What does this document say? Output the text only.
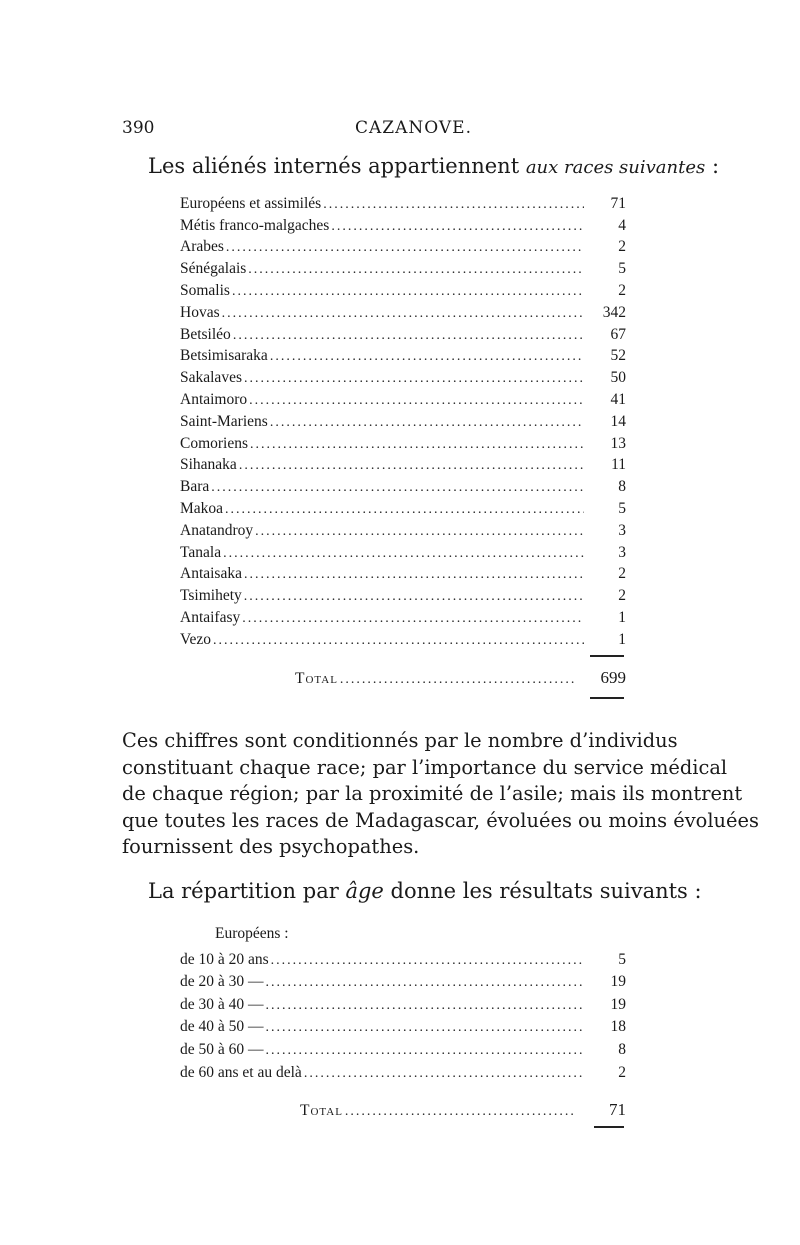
390	CAZANOVE.
Les aliénés internés appartiennent aux races suivantes :
Européens et assimilés .....	71
Métis franco-malgaches .....	4
Arabes .....	2
Sénégalais .....	5
Somalis .....	2
Hovas .....	342
Betsiléo .....	67
Betsimisaraka .....	52
Sakalaves .....	50
Antaimoro .....	41
Saint-Mariens .....	14
Comoriens .....	13
Sihanaka .....	11
Bara .....	8
Makoa .....	5
Anatandroy .....	3
Tanala .....	3
Antaisaka .....	2
Tsimihety .....	2
Antaifasy .....	1
Vezo .....	1
Total .....	699
Ces chiffres sont conditionnés par le nombre d’individus
constituant chaque race; par l’importance du service médical
de chaque région; par la proximité de l’asile; mais ils montrent
que toutes les races de Madagascar, évoluées ou moins évoluées
fournissent des psychopathes.
La répartition par âge donne les résultats suivants :
Européens :
de 10 à 20 ans .....	5
de 20 à 30 — .....	19
de 30 à 40 — .....	19
de 40 à 50 — .....	18
de 50 à 60 — .....	8
de 60 ans et au delà .....	2
Total .....	71
